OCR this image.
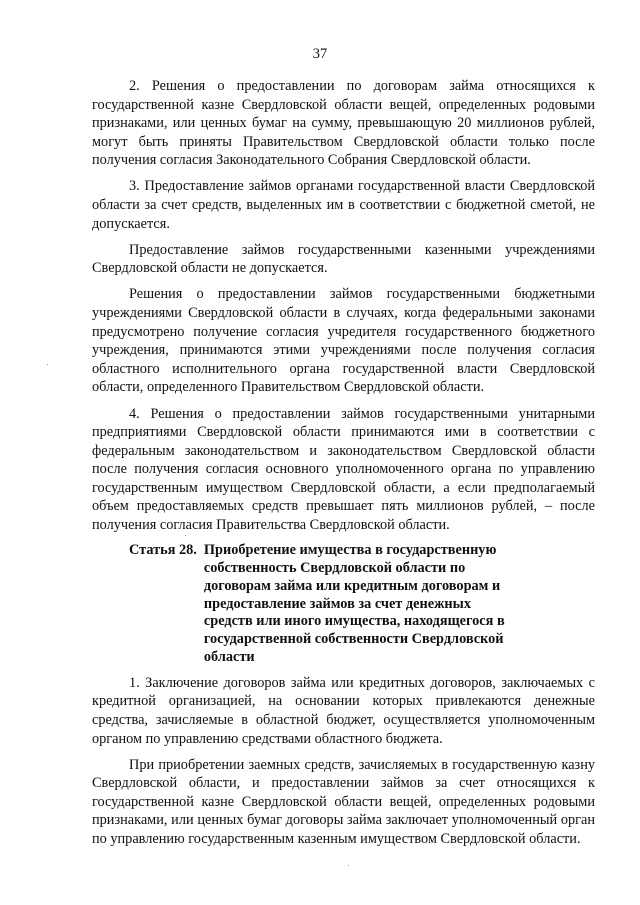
37

2. Решения о предоставлении по договорам займа относящихся к государственной казне Свердловской области вещей, определенных родовыми признаками, или ценных бумаг на сумму, превышающую 20 миллионов рублей, могут быть приняты Правительством Свердловской области только после получения согласия Законодательного Собрания Свердловской области.

3. Предоставление займов органами государственной власти Свердловской области за счет средств, выделенных им в соответствии с бюджетной сметой, не допускается.

Предоставление займов государственными казенными учреждениями Свердловской области не допускается.

Решения о предоставлении займов государственными бюджетными учреждениями Свердловской области в случаях, когда федеральными законами предусмотрено получение согласия учредителя государственного бюджетного учреждения, принимаются этими учреждениями после получения согласия областного исполнительного органа государственной власти Свердловской области, определенного Правительством Свердловской области.

4. Решения о предоставлении займов государственными унитарными предприятиями Свердловской области принимаются ими в соответствии с федеральным законодательством и законодательством Свердловской области после получения согласия основного уполномоченного органа по управлению государственным имуществом Свердловской области, а если предполагаемый объем предоставляемых средств превышает пять миллионов рублей, – после получения согласия Правительства Свердловской области.

Статья 28. Приобретение имущества в государственную собственность Свердловской области по договорам займа или кредитным договорам и предоставление займов за счет денежных средств или иного имущества, находящегося в государственной собственности Свердловской области

1. Заключение договоров займа или кредитных договоров, заключаемых с кредитной организацией, на основании которых привлекаются денежные средства, зачисляемые в областной бюджет, осуществляется уполномоченным органом по управлению средствами областного бюджета.

При приобретении заемных средств, зачисляемых в государственную казну Свердловской области, и предоставлении займов за счет относящихся к государственной казне Свердловской области вещей, определенных родовыми признаками, или ценных бумаг договоры займа заключает уполномоченный орган по управлению государственным казенным имуществом Свердловской области.
